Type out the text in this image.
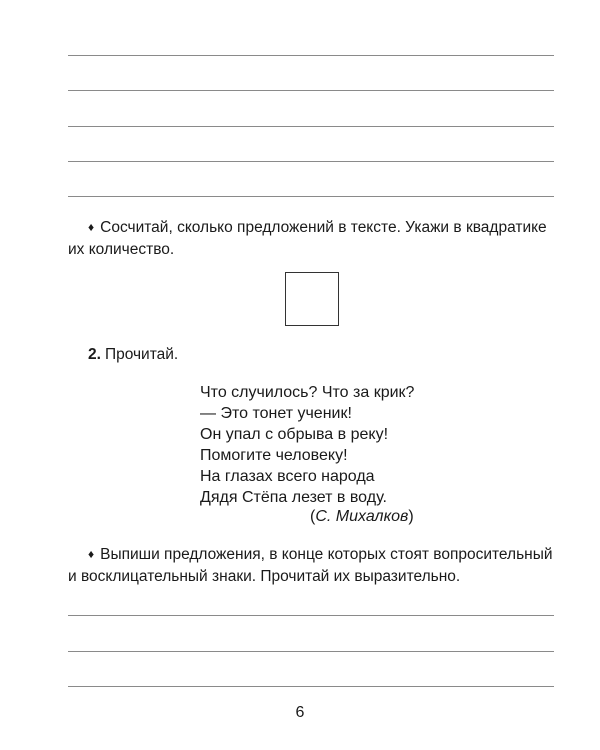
♦ Сосчитай, сколько предложений в тексте. Укажи в квадратике их количество.
2. Прочитай.
Что случилось? Что за крик?
— Это тонет ученик!
Он упал с обрыва в реку!
Помогите человеку!
На глазах всего народа
Дядя Стёпа лезет в воду.
(С. Михалков)
♦ Выпиши предложения, в конце которых стоят вопросительный и восклицательный знаки. Прочитай их выразительно.
6
